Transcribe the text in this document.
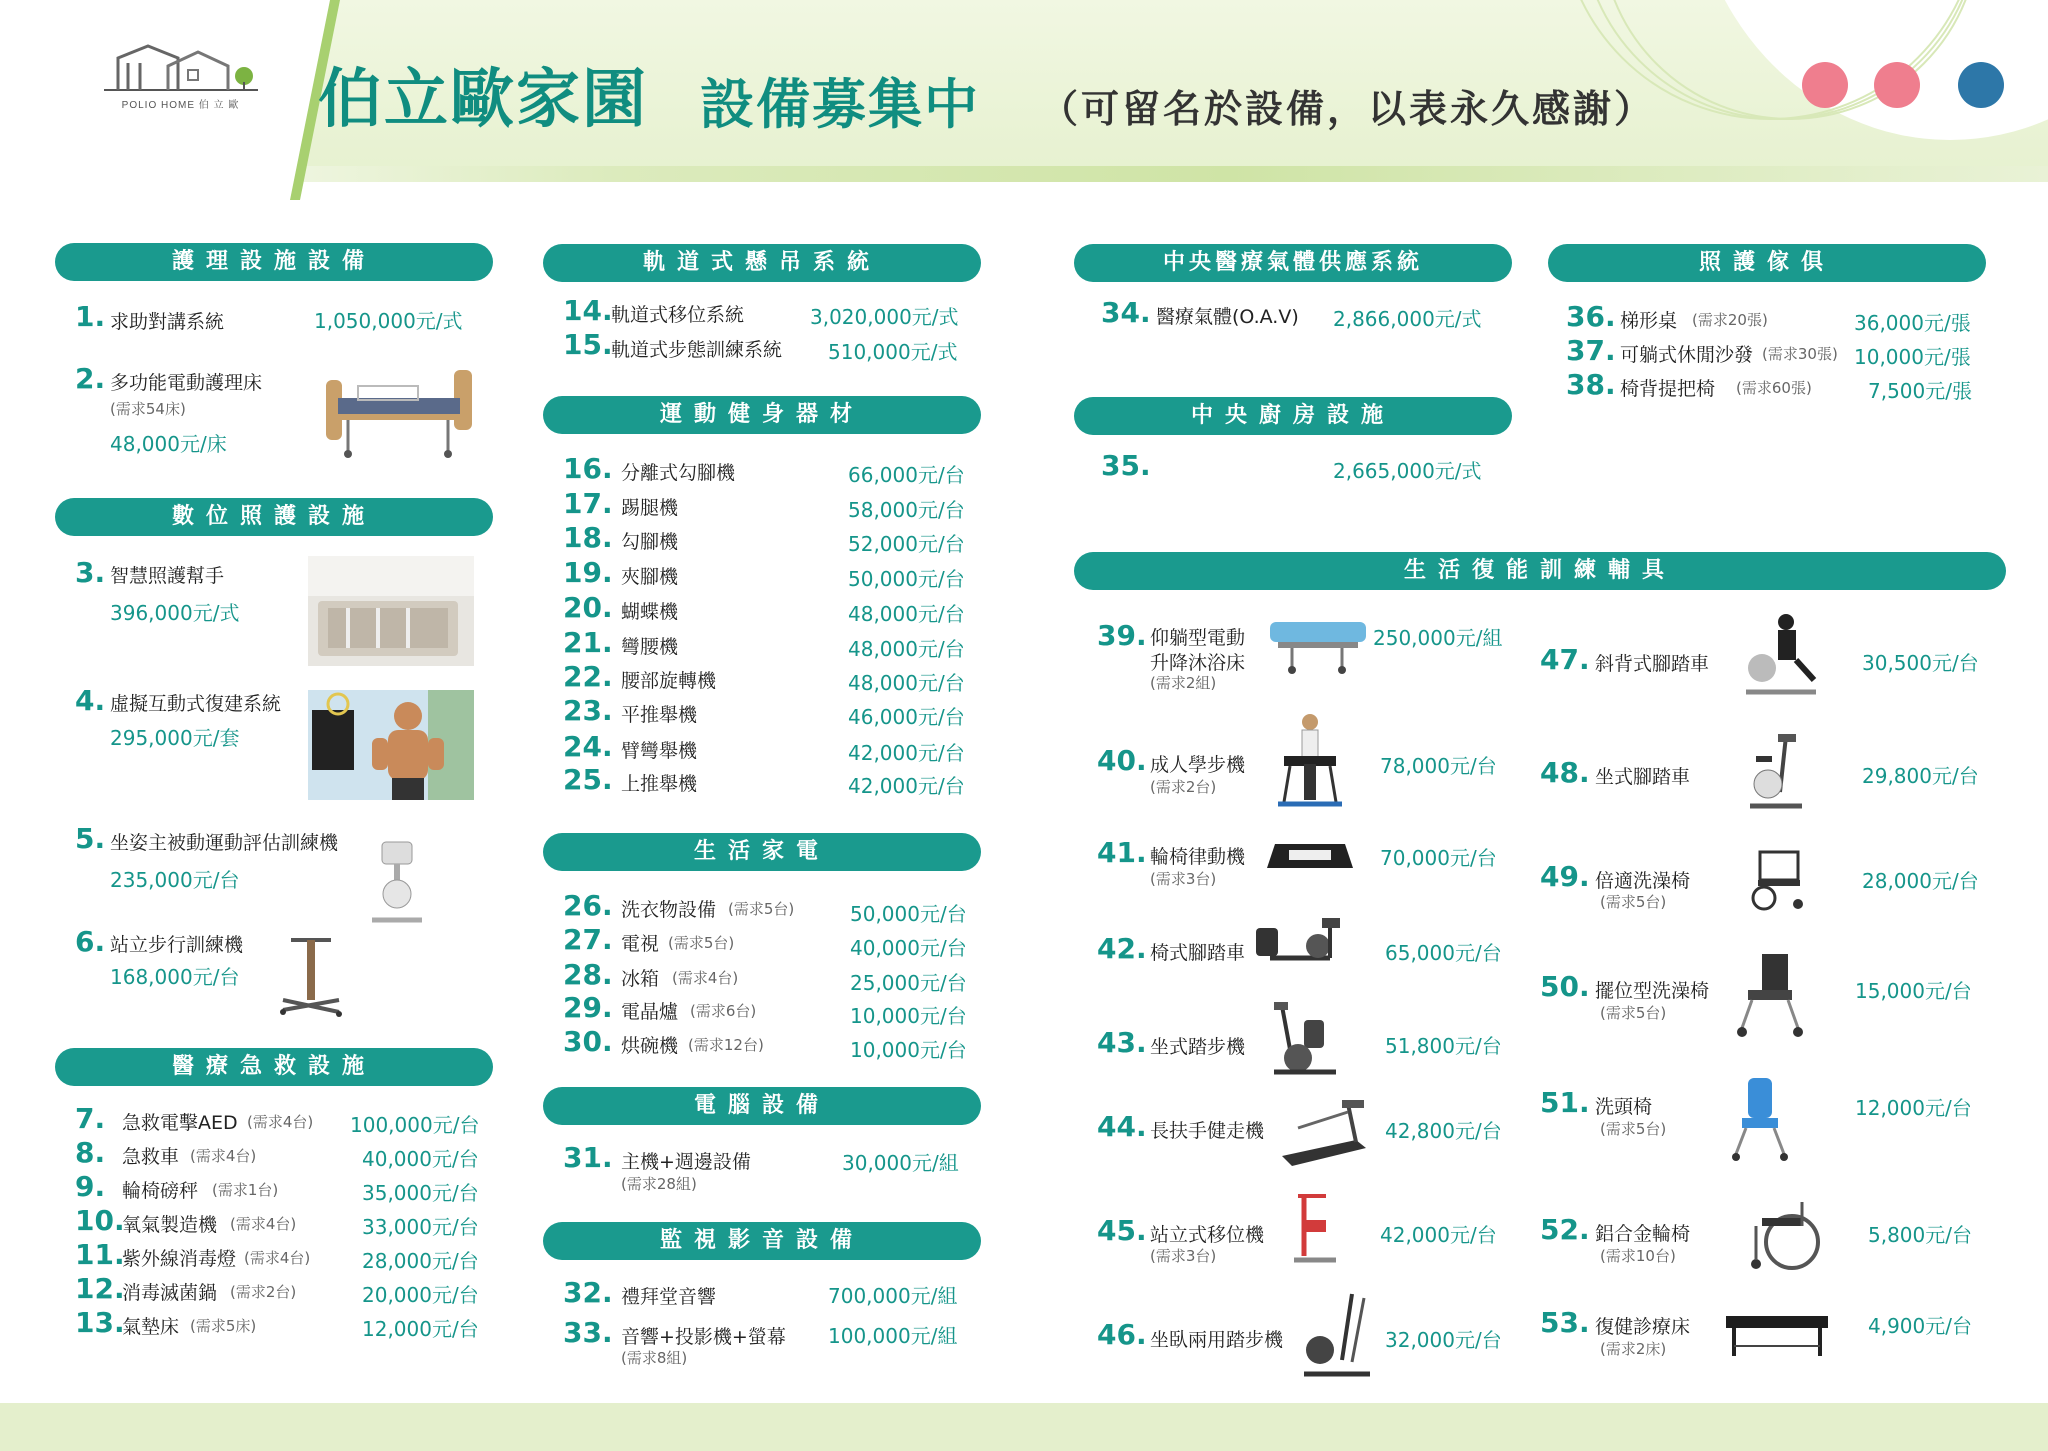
POLIO HOME 伯 立 歐	伯立歐家園 設備募集中 （可留名於設備，以表永久感謝）
護理設施設備
數位照護設施
醫療急救設施
軌道式懸吊系統
運動健身器材
生活家電
電腦設備
監視影音設備
中央醫療氣體供應系統
中央廚房設施
照護傢俱
生活復能訓練輔具
1. 求助對講系統	1,050,000元/式
2. 多功能電動護理床
(需求54床)
48,000元/床
3. 智慧照護幫手
396,000元/式
4. 虛擬互動式復建系統
295,000元/套
5. 坐姿主被動運動評估訓練機
235,000元/台
6. 站立步行訓練機
168,000元/台
7. 急救電擊AED (需求4台) 100,000元/台
8. 急救車 (需求4台)	40,000元/台
9. 輪椅磅秤 (需求1台)	35,000元/台
10.
氧氣製造機 (需求4台)	33,000元/台
11.
紫外線消毒燈 (需求4台)	28,000元/台
12.
消毒滅菌鍋 (需求2台)	20,000元/台
13.
氣墊床 (需求5床)	12,000元/台
14.
軌道式移位系統	3,020,000元/式
15.
軌道式步態訓練系統 510,000元/式
16. 分離式勾腳機	66,000元/台
17. 踢腿機	58,000元/台
18. 勾腳機	52,000元/台
19. 夾腳機	50,000元/台
20. 蝴蝶機	48,000元/台
21. 彎腰機	48,000元/台
22. 腰部旋轉機	48,000元/台
23. 平推舉機	46,000元/台
24. 臂彎舉機	42,000元/台
25. 上推舉機	42,000元/台
26. 洗衣物設備 (需求5台)	50,000元/台
27. 電視 (需求5台)	40,000元/台
28. 冰箱 (需求4台)	25,000元/台
29. 電晶爐 (需求6台)	10,000元/台
30. 烘碗機 (需求12台)	10,000元/台
31. 主機+週邊設備
(需求28組)
30,000元/組
32. 禮拜堂音響	700,000元/組
33. 音響+投影機+螢幕
(需求8組)
100,000元/組
34. 醫療氣體(O.A.V) 2,866,000元/式
35.	2,665,000元/式
36. 梯形桌 (需求20張)	36,000元/張
37. 可躺式休閒沙發 (需求30張) 10,000元/張
38. 椅背提把椅 (需求60張)	7,500元/張
39. 仰躺型電動
升降沐浴床
(需求2組)
250,000元/組
40. 成人學步機
(需求2台)
78,000元/台
41. 輪椅律動機
(需求3台)
70,000元/台
42. 椅式腳踏車	65,000元/台
43. 坐式踏步機	51,800元/台
44. 長扶手健走機	42,800元/台
45. 站立式移位機
(需求3台)
42,000元/台
46. 坐臥兩用踏步機	32,000元/台
47. 斜背式腳踏車	30,500元/台
48. 坐式腳踏車	29,800元/台
49. 倍適洗澡椅
(需求5台)
28,000元/台
50. 擺位型洗澡椅
(需求5台)
15,000元/台
51. 洗頭椅
(需求5台)
12,000元/台
52. 鋁合金輪椅
(需求10台)
5,800元/台
53. 復健診療床
(需求2床)
4,900元/台
